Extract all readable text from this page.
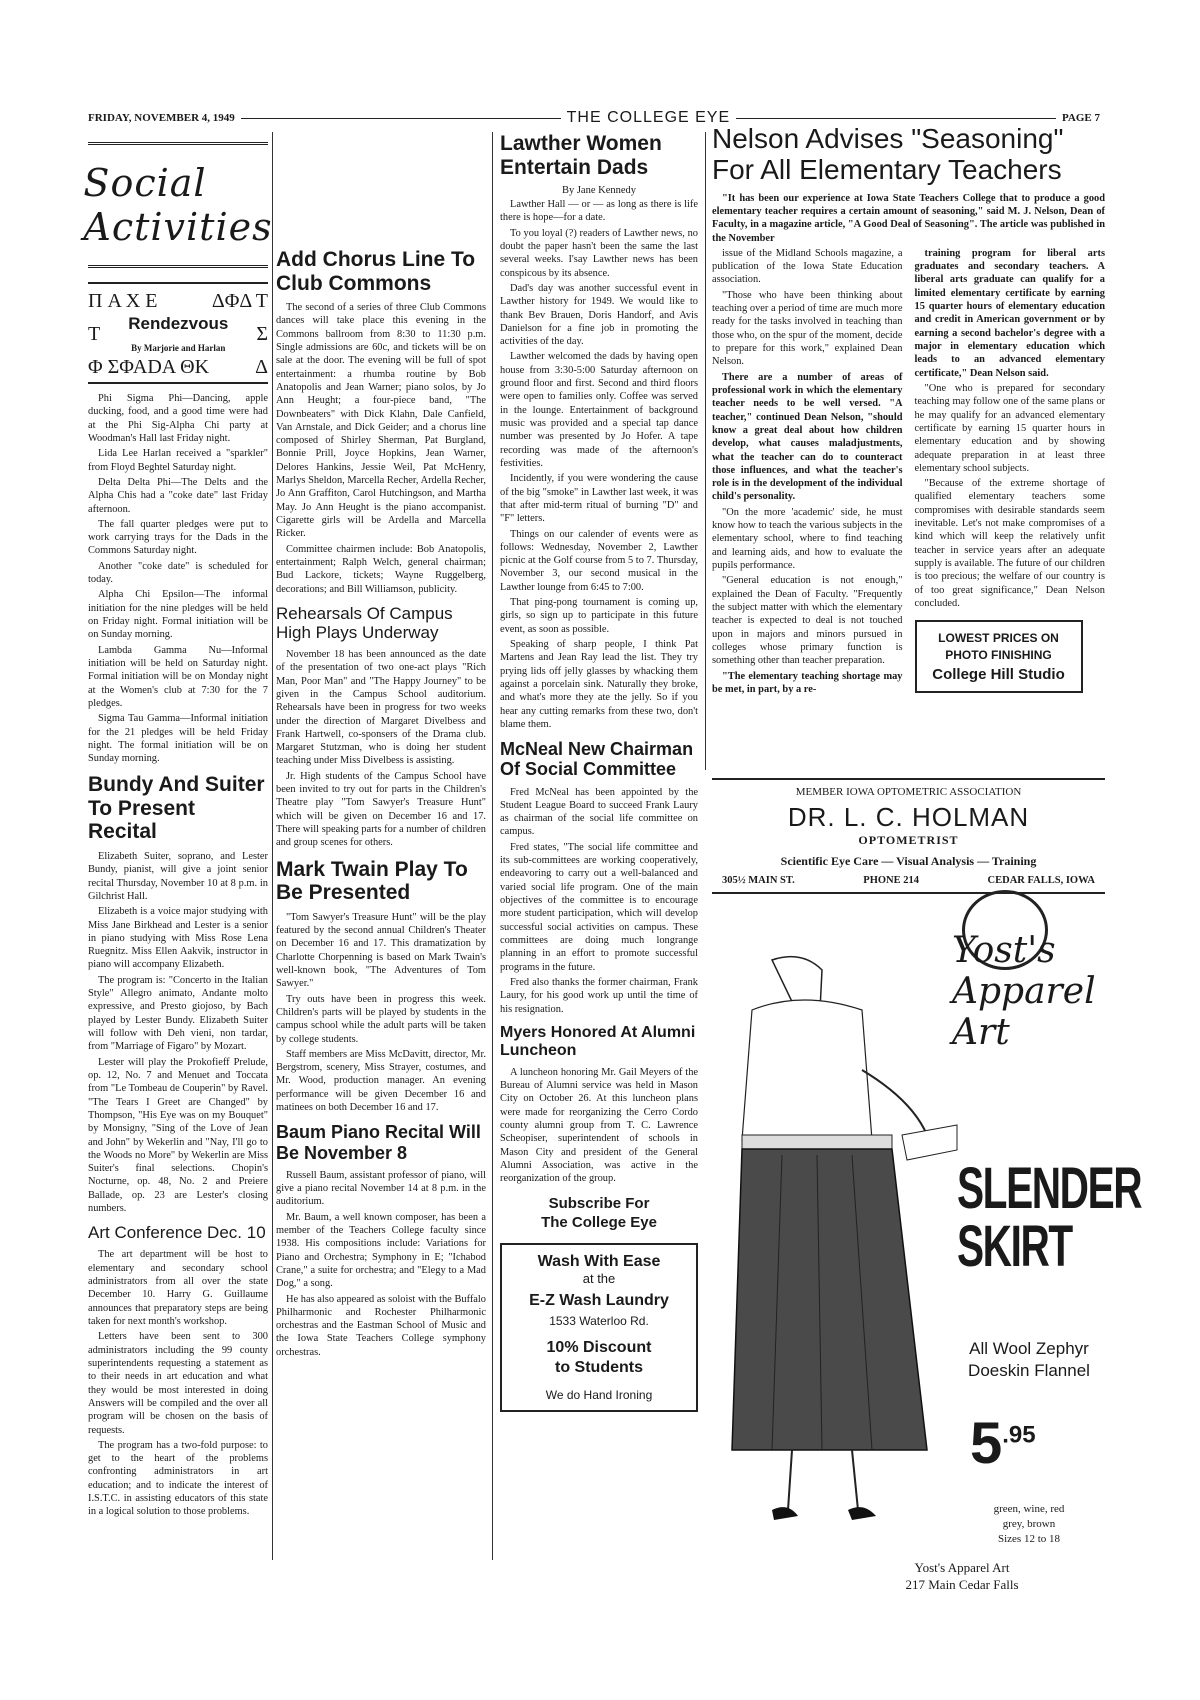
FRIDAY, NOVEMBER 4, 1949	THE COLLEGE EYE	PAGE 7
Social Activities
П Α Χ Ε	ΔΦΔ Τ
Τ Rendezvous
By Marjorie and Harlan
Σ
Φ ΣΦΑDΑ ΘΚ Δ

Phi Sigma Phi—Dancing, apple ducking, food, and a good time were had at the Phi Sig-Alpha Chi party at Woodman's Hall last Friday night.

Lida Lee Harlan received a "sparkler" from Floyd Beghtel Saturday night.

Delta Delta Phi—The Delts and the Alpha Chis had a "coke date" last Friday afternoon.

The fall quarter pledges were put to work carrying trays for the Dads in the Commons Saturday night.

Another "coke date" is scheduled for today.

Alpha Chi Epsilon—The informal initiation for the nine pledges will be held on Friday night. Formal initiation will be on Sunday morning.

Lambda Gamma Nu—Informal initiation will be held on Saturday night. Formal initiation will be on Monday night at the Women's club at 7:30 for the 7 pledges.

Sigma Tau Gamma—Informal initiation for the 21 pledges will be held Friday night. The formal initiation will be on Sunday morning.

Bundy And Suiter To Present Recital

Elizabeth Suiter, soprano, and Lester Bundy, pianist, will give a joint senior recital Thursday, November 10 at 8 p.m. in Gilchrist Hall.

Elizabeth is a voice major studying with Miss Jane Birkhead and Lester is a senior in piano studying with Miss Rose Lena Ruegnitz. Miss Ellen Aakvik, instructor in piano will accompany Elizabeth.

The program is: "Concerto in the Italian Style" Allegro animato, Andante molto expressive, and Presto giojoso, by Bach played by Lester Bundy. Elizabeth Suiter will follow with Deh vieni, non tardar, from "Marriage of Figaro" by Mozart.

Lester will play the Prokofieff Prelude, op. 12, No. 7 and Menuet and Toccata from "Le Tombeau de Couperin" by Ravel. "The Tears I Greet are Changed" by Thompson, "His Eye was on my Bouquet" by Monsigny, "Sing of the Love of Jean and John" by Wekerlin and "Nay, I'll go to the Woods no More" by Wekerlin are Miss Suiter's final selections. Chopin's Nocturne, op. 48, No. 2 and Preiere Ballade, op. 23 are Lester's closing numbers.

Art Conference Dec. 10

The art department will be host to elementary and secondary school administrators from all over the state December 10. Harry G. Guillaume announces that preparatory steps are being taken for next month's workshop.

Letters have been sent to 300 administrators including the 99 county superintendents requesting a statement as to their needs in art education and what they would be most interested in doing Answers will be compiled and the over all program will be chosen on the basis of requests.

The program has a two-fold purpose: to get to the heart of the problems confronting administrators in art education; and to indicate the interest of I.S.T.C. in assisting educators of this state in a logical solution to those problems.

Add Chorus Line To Club Commons

The second of a series of three Club Commons dances will take place this evening in the Commons ballroom from 8:30 to 11:30 p.m. Single admissions are 60c, and tickets will be on sale at the door. The evening will be full of spot entertainment: a rhumba routine by Bob Anatopolis and Jean Warner; piano solos, by Jo Ann Heught; a four-piece band, "The Downbeaters" with Dick Klahn, Dale Canfield, Van Arnstale, and Dick Geider; and a chorus line composed of Shirley Sherman, Pat Burgland, Bonnie Prill, Joyce Hopkins, Jean Warner, Delores Hankins, Jessie Weil, Pat McHenry, Marlys Sheldon, Marcella Recher, Ardella Recher, Jo Ann Graffiton, Carol Hutchingson, and Martha May. Jo Ann Heught is the piano accompanist. Cigarette girls will be Ardella and Marcella Ricker.

Committee chairmen include: Bob Anatopolis, entertainment; Ralph Welch, general chairman; Bud Lackore, tickets; Wayne Ruggelberg, decorations; and Bill Williamson, publicity.

Rehearsals Of Campus High Plays Underway

November 18 has been announced as the date of the presentation of two one-act plays "Rich Man, Poor Man" and "The Happy Journey" to be given in the Campus School auditorium. Rehearsals have been in progress for two weeks under the direction of Margaret Divelbess and Frank Hartwell, co-sponsers of the Drama club. Margaret Stutzman, who is doing her student teaching under Miss Divelbess is assisting.

Jr. High students of the Campus School have been invited to try out for parts in the Children's Theatre play "Tom Sawyer's Treasure Hunt" which will be given on December 16 and 17. There will speaking parts for a number of children and group scenes for others.

Mark Twain Play To Be Presented

"Tom Sawyer's Treasure Hunt" will be the play featured by the second annual Children's Theater on December 16 and 17. This dramatization by Charlotte Chorpenning is based on Mark Twain's well-known book, "The Adventures of Tom Sawyer."

Try outs have been in progress this week. Children's parts will be played by students in the campus school while the adult parts will be taken by college students.

Staff members are Miss McDavitt, director, Mr. Bergstrom, scenery, Miss Strayer, costumes, and Mr. Wood, production manager. An evening performance will be given December 16 and matinees on both December 16 and 17.

Baum Piano Recital Will Be November 8

Russell Baum, assistant professor of piano, will give a piano recital November 14 at 8 p.m. in the auditorium.

Mr. Baum, a well known composer, has been a member of the Teachers College faculty since 1938. His compositions include: Variations for Piano and Orchestra; Symphony in E; "Ichabod Crane," a suite for orchestra; and "Elegy to a Mad Dog," a song.

He has also appeared as soloist with the Buffalo Philharmonic and Rochester Philharmonic orchestras and the Eastman School of Music and the Iowa State Teachers College symphony orchestras.

Lawther Women Entertain Dads
By Jane Kennedy

Lawther Hall — or — as long as there is life there is hope—for a date.

To you loyal (?) readers of Lawther news, no doubt the paper hasn't been the same the last several weeks. I'say Lawther news has been conspicous by its absence.

Dad's day was another successful event in Lawther history for 1949. We would like to thank Bev Brauen, Doris Handorf, and Avis Danielson for a fine job in promoting the activities of the day.

Lawther welcomed the dads by having open house from 3:30-5:00 Saturday afternoon on ground floor and first. Second and third floors were open to families only. Coffee was served in the lounge. Entertainment of background music was provided and a special tap dance number was presented by Jo Hofer. A tape recording was made of the afternoon's festivities.

Incidently, if you were wondering the cause of the big "smoke" in Lawther last week, it was that after mid-term ritual of burning "D" and "F" letters.

Things on our calender of events were as follows: Wednesday, November 2, Lawther picnic at the Golf course from 5 to 7. Thursday, November 3, our second musical in the Lawther lounge from 6:45 to 7:00.

That ping-pong tournament is coming up, girls, so sign up to participate in this future event, as soon as possible.

Speaking of sharp people, I think Pat Martens and Jean Ray lead the list. They try prying lids off jelly glasses by whacking them against a porcelain sink. Naturally they broke, and what's more they ate the jelly. So if you hear any cutting remarks from these two, don't blame them.

McNeal New Chairman Of Social Committee

Fred McNeal has been appointed by the Student League Board to succeed Frank Laury as chairman of the social life committee on campus.

Fred states, "The social life committee and its sub-committees are working cooperatively, endeavoring to carry out a well-balanced and varied social life program. One of the main objectives of the committee is to encourage more student participation, which will develop successful social activities on campus. These committees are doing much longrange planning in an effort to promote successful programs in the future.

Fred also thanks the former chairman, Frank Laury, for his good work up until the time of his resignation.

Myers Honored At Alumni Luncheon

A luncheon honoring Mr. Gail Meyers of the Bureau of Alumni service was held in Mason City on October 26. At this luncheon plans were made for reorganizing the Cerro Cordo county alumni group from T. C. Lawrence Scheopiser, superintendent of schools in Mason City and president of the General Alumni Association, was active in the reorganization of the group.

Subscribe For
The College Eye
Wash With Ease
at the
E-Z Wash Laundry
1533 Waterloo Rd.
10% Discount
to Students
We do Hand Ironing
Nelson Advises "Seasoning" For All Elementary Teachers

"It has been our experience at Iowa State Teachers College that to produce a good elementary teacher requires a certain amount of seasoning," said M. J. Nelson, Dean of Faculty, in a magazine article, "A Good Deal of Seasoning". The article was published in the November

issue of the Midland Schools magazine, a publication of the Iowa State Education association.

"Those who have been thinking about teaching over a period of time are much more ready for the tasks involved in teaching than those who, on the spur of the moment, decide to prepare for this work," explained Dean Nelson.

There are a number of areas of professional work in which the elementary teacher needs to be well versed. "A teacher," continued Dean Nelson, "should know a great deal about how children develop, what causes maladjustments, what the teacher can do to counteract those influences, and what the teacher's role is in the development of the individual child's personality.

"On the more 'academic' side, he must know how to teach the various subjects in the elementary school, where to find teaching and learning aids, and how to evaluate the pupils performance.

"General education is not enough," explained the Dean of Faculty. "Frequently the subject matter with which the elementary teacher is expected to deal is not touched upon in majors and minors pursued in colleges whose primary function is something other than teacher preparation.

"The elementary teaching shortage may be met, in part, by a re-

training program for liberal arts graduates and secondary teachers. A liberal arts graduate can qualify for a limited elementary certificate by earning 15 quarter hours of elementary education and credit in American government or by earning a second bachelor's degree with a major in elementary education which leads to an advanced elementary certificate," Dean Nelson said.

"One who is prepared for secondary teaching may follow one of the same plans or he may qualify for an advanced elementary certificate by earning 15 quarter hours in elementary education and by showing adequate preparation in at least three elementary school subjects.

"Because of the extreme shortage of qualified elementary teachers some compromises with desirable standards seem inevitable. Let's not make compromises of a kind which will keep the relatively unfit teacher in service years after an adequate supply is available. The future of our children is too precious; the welfare of our country is of too great significance," Dean Nelson concluded.

LOWEST PRICES ON
PHOTO FINISHING
College Hill Studio
MEMBER IOWA OPTOMETRIC ASSOCIATION
DR. L. C. HOLMAN
OPTOMETRIST
Scientific Eye Care — Visual Analysis — Training
305½ MAIN ST.	PHONE 214	CEDAR FALLS, IOWA
Yost's Apparel Art
SLENDER
SKIRT
All Wool Zephyr
Doeskin Flannel
$5^{.95}$
green, wine, red
grey, brown
Sizes 12 to 18
Yost's Apparel Art
217 Main Cedar Falls
